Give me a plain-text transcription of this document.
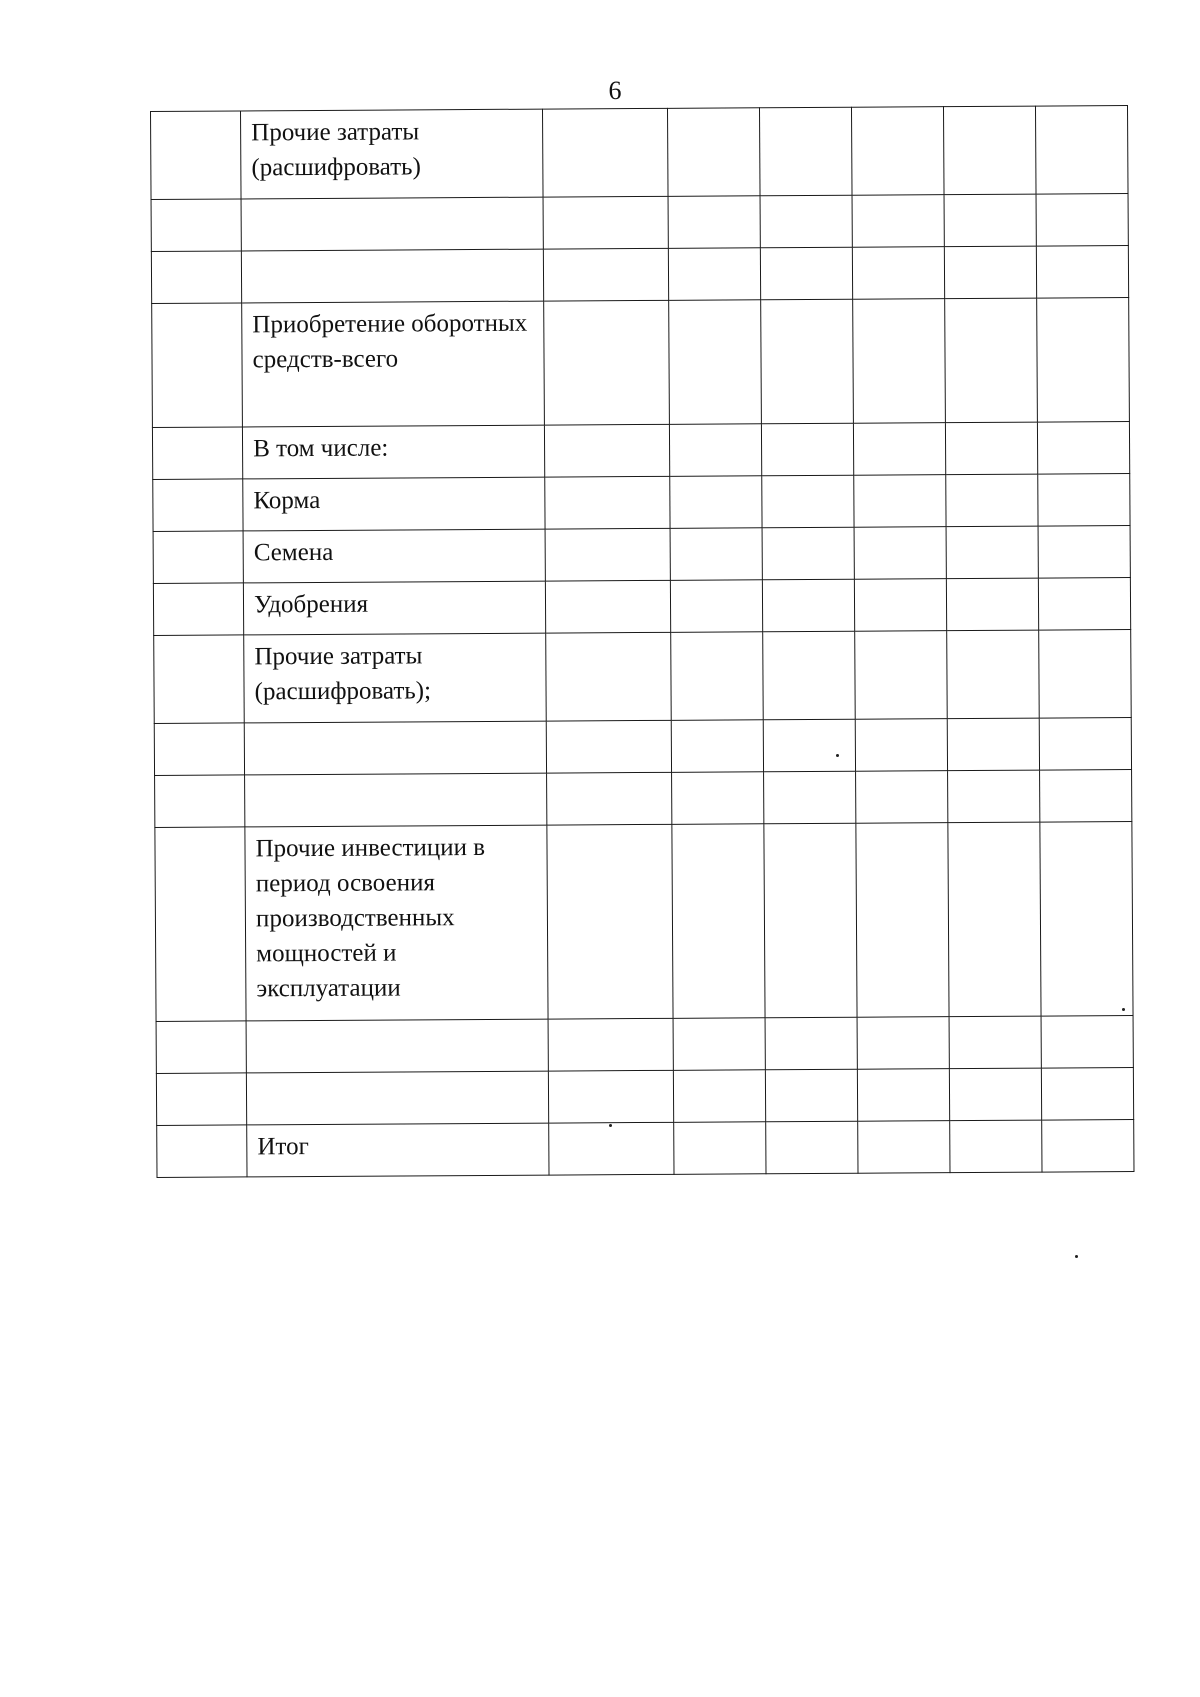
6
	Прочие затраты (расшифровать)						

	Приобретение оборотных средств-всего						
	В том числе:						
	Корма						
	Семена						
	Удобрения						
	Прочие затраты (расшифровать);						

	Прочие инвестиции в период освоения производственных мощностей и эксплуатации						

	Итог						
